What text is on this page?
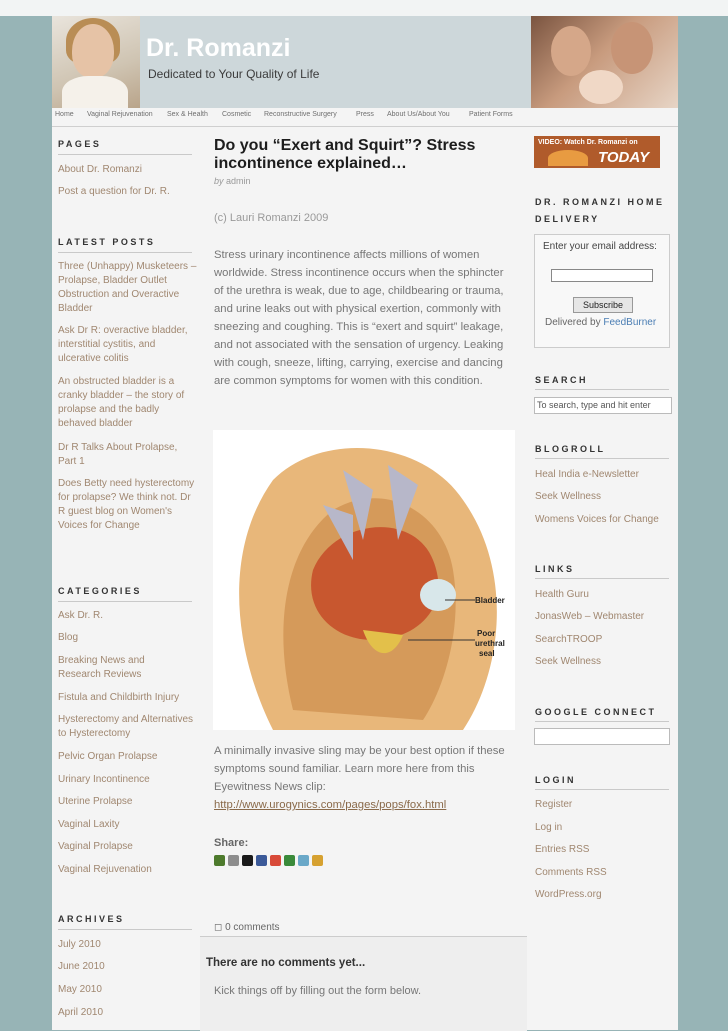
Dr. Romanzi
Dedicated to Your Quality of Life
Home Vaginal Rejuvenation Sex & Health Cosmetic Reconstructive Surgery	Press About Us/About You	Patient Forms
PAGES
About Dr. Romanzi
Post a question for Dr. R.
LATEST POSTS
Three (Unhappy) Musketeers – Prolapse, Bladder Outlet Obstruction and Overactive Bladder
Ask Dr R: overactive bladder, interstitial cystitis, and ulcerative colitis
An obstructed bladder is a cranky bladder – the story of prolapse and the badly behaved bladder
Dr R Talks About Prolapse, Part 1
Does Betty need hysterectomy for prolapse? We think not. Dr R guest blog on Women's Voices for Change
CATEGORIES
Ask Dr. R.
Blog
Breaking News and Research Reviews
Fistula and Childbirth Injury
Hysterectomy and Alternatives to Hysterectomy
Pelvic Organ Prolapse
Urinary Incontinence
Uterine Prolapse
Vaginal Laxity
Vaginal Prolapse
Vaginal Rejuvenation
ARCHIVES
July 2010
June 2010
May 2010
April 2010
Do you “Exert and Squirt”? Stress incontinence explained…
by admin
(c) Lauri Romanzi 2009
Stress urinary incontinence affects millions of women worldwide. Stress incontinence occurs when the sphincter of the urethra is weak, due to age, childbearing or trauma, and urine leaks out with physical exertion, commonly with sneezing and coughing. This is “exert and squirt” leakage, and not associated with the sensation of urgency. Leaking with cough, sneeze, lifting, carrying, exercise and dancing are common symptoms for women with this condition.
Bladder
Poor
urethral
seal
A minimally invasive sling may be your best option if these symptoms sound familiar. Learn more here from this Eyewitness News clip:
http://www.urogynics.com/pages/pops/fox.html
Share:
◻ 0 comments
There are no comments yet...
Kick things off by filling out the form below.
VIDEO: Watch Dr. Romanzi on
TODAY
DR. ROMANZI HOME
DELIVERY
Enter your email address:
Subscribe
Delivered by FeedBurner
SEARCH
To search, type and hit enter
BLOGROLL
Heal India e-Newsletter
Seek Wellness
Womens Voices for Change
LINKS
Health Guru
JonasWeb – Webmaster
SearchTROOP
Seek Wellness
GOOGLE CONNECT
LOGIN
Register
Log in
Entries RSS
Comments RSS
WordPress.org
